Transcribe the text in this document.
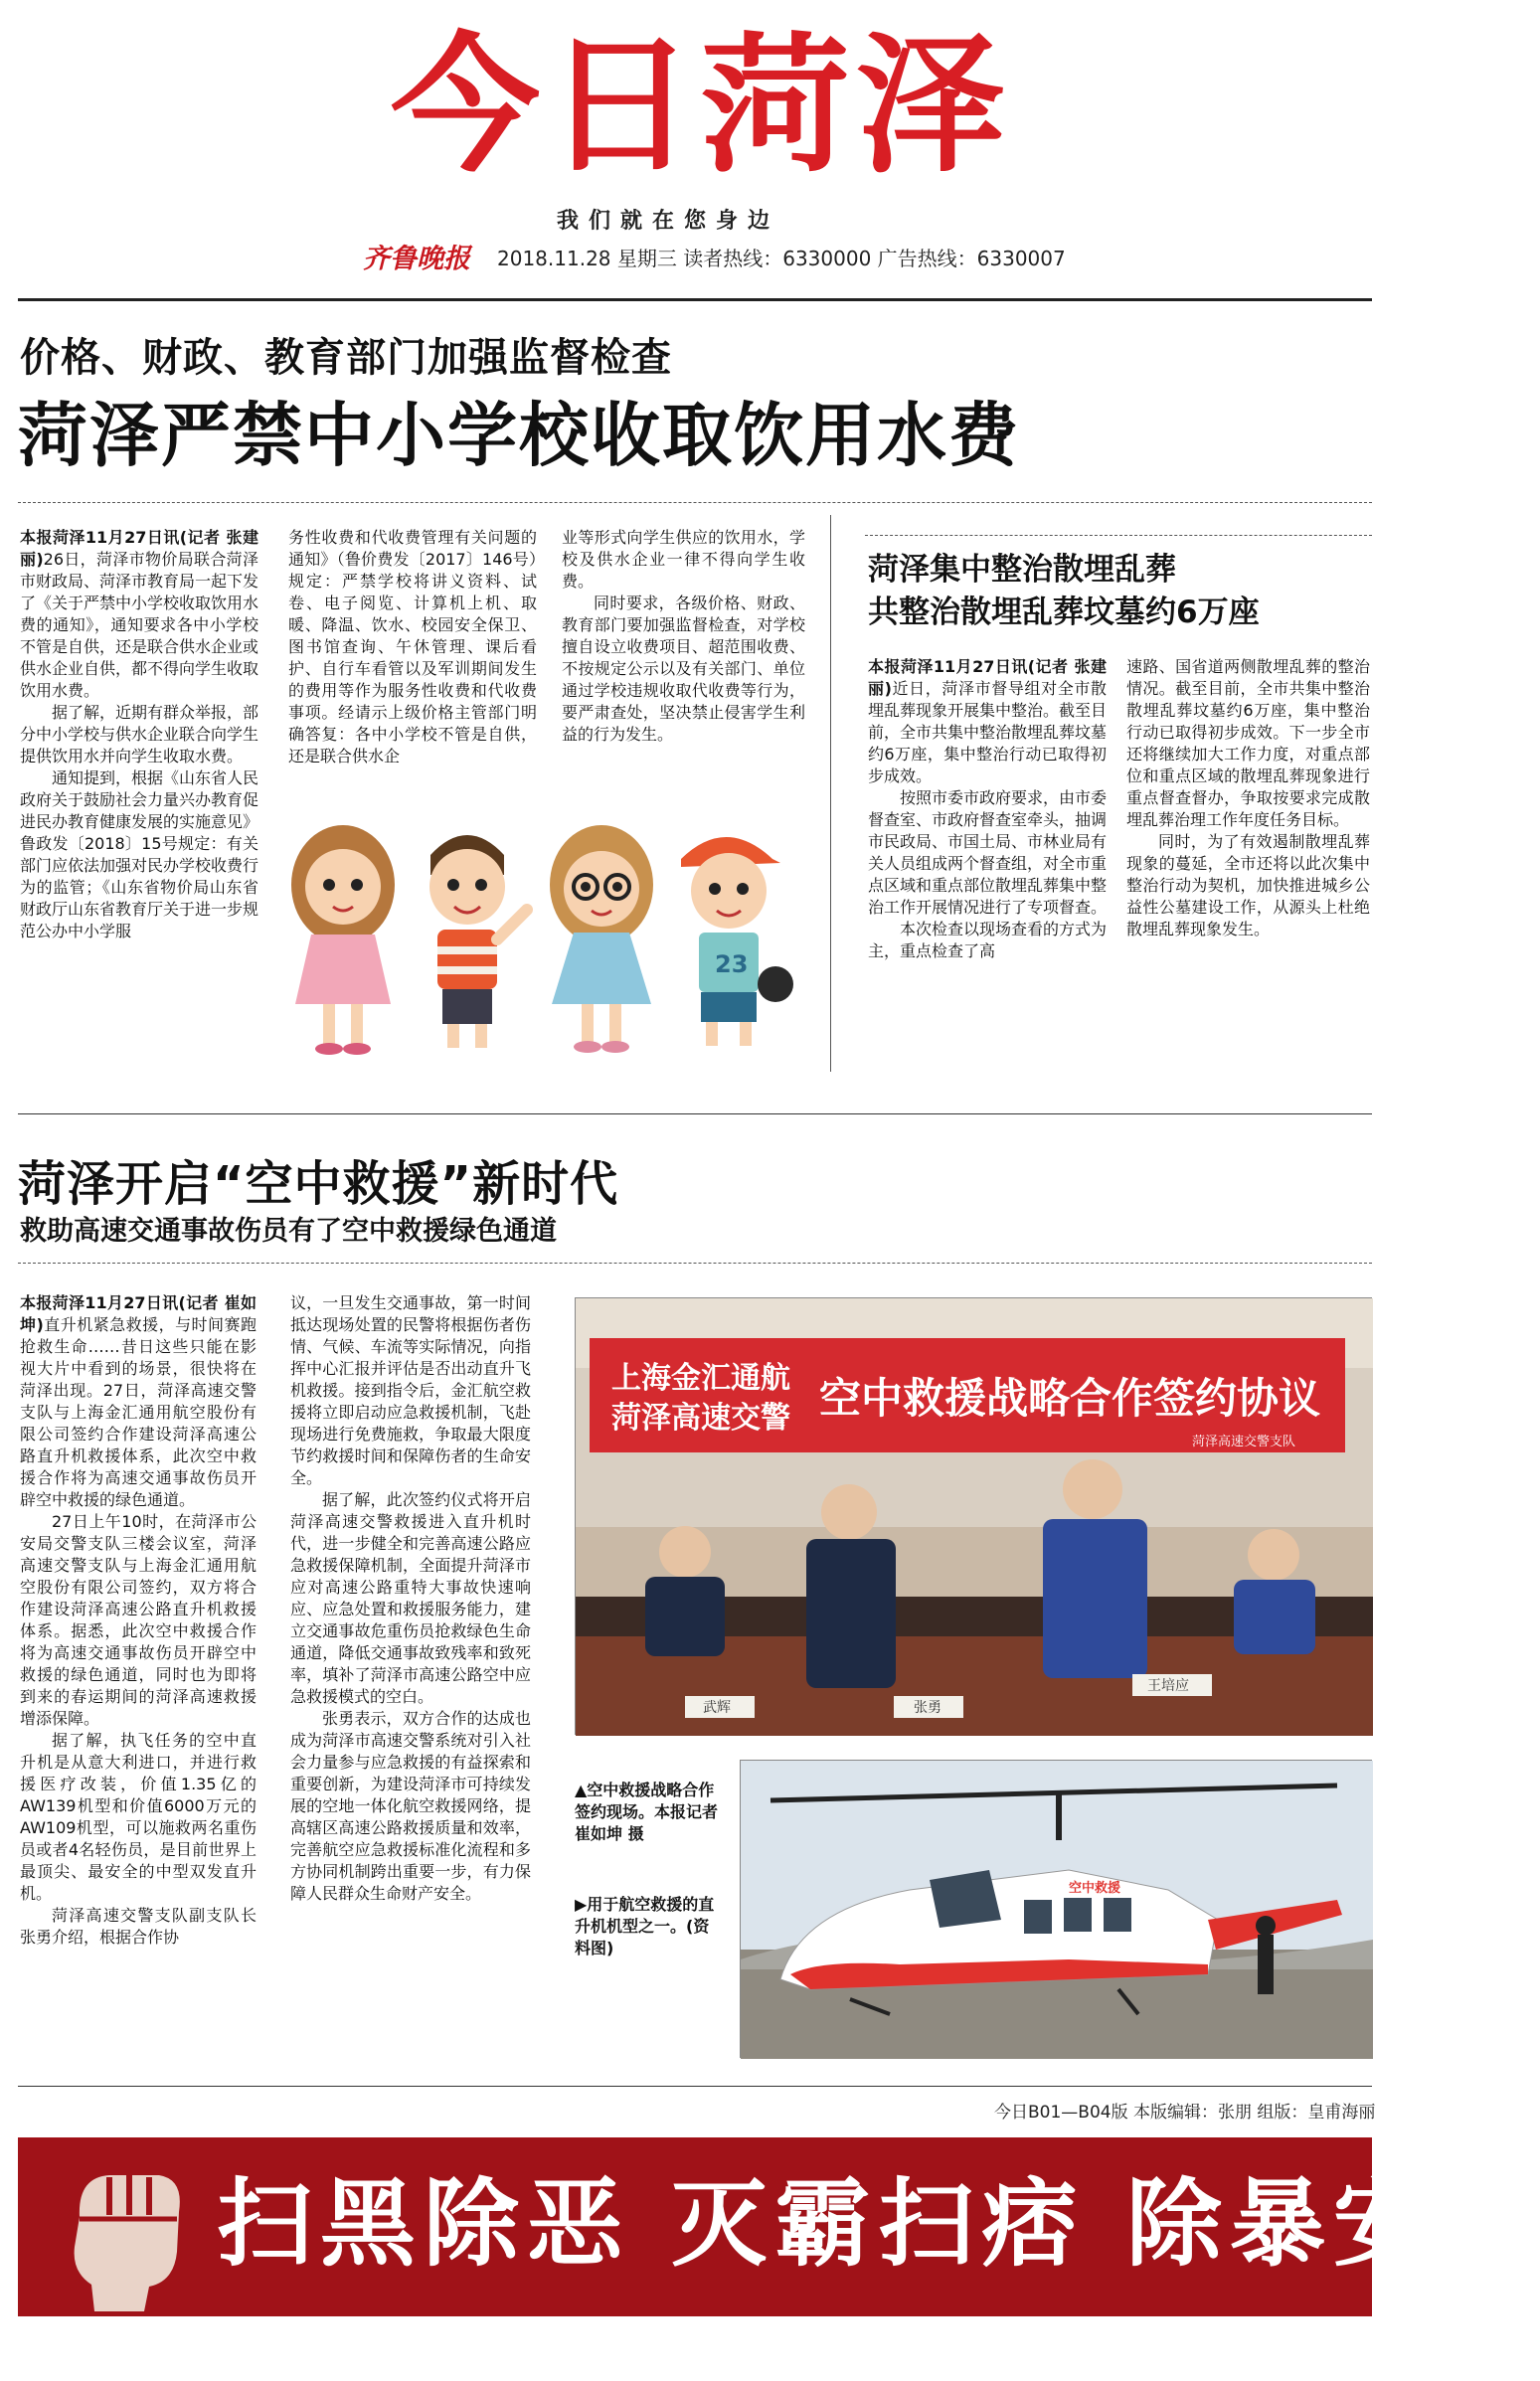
今日菏泽
我们就在您身边
齐鲁晚报 2018.11.28 星期三 读者热线：6330000 广告热线：6330007
价格、财政、教育部门加强监督检查
菏泽严禁中小学校收取饮用水费

本报菏泽11月27日讯(记者 张建丽)26日，菏泽市物价局联合菏泽市财政局、菏泽市教育局一起下发了《关于严禁中小学校收取饮用水费的通知》，通知要求各中小学校不管是自供，还是联合供水企业或供水企业自供，都不得向学生收取饮用水费。

据了解，近期有群众举报，部分中小学校与供水企业联合向学生提供饮用水并向学生收取水费。

通知提到，根据《山东省人民政府关于鼓励社会力量兴办教育促进民办教育健康发展的实施意见》鲁政发〔2018〕15号规定：有关部门应依法加强对民办学校收费行为的监管；《山东省物价局山东省财政厅山东省教育厅关于进一步规范公办中小学服

务性收费和代收费管理有关问题的通知》（鲁价费发〔2017〕146号）规定：严禁学校将讲义资料、试卷、电子阅览、计算机上机、取暖、降温、饮水、校园安全保卫、图书馆查询、午休管理、课后看护、自行车看管以及军训期间发生的费用等作为服务性收费和代收费事项。经请示上级价格主管部门明确答复：各中小学校不管是自供，还是联合供水企

业等形式向学生供应的饮用水，学校及供水企业一律不得向学生收费。

同时要求，各级价格、财政、教育部门要加强监督检查，对学校擅自设立收费项目、超范围收费、不按规定公示以及有关部门、单位通过学校违规收取代收费等行为，要严肃查处，坚决禁止侵害学生利益的行为发生。

23
菏泽集中整治散埋乱葬
共整治散埋乱葬坟墓约6万座

本报菏泽11月27日讯(记者 张建丽)近日，菏泽市督导组对全市散埋乱葬现象开展集中整治。截至目前，全市共集中整治散埋乱葬坟墓约6万座，集中整治行动已取得初步成效。

按照市委市政府要求，由市委督查室、市政府督查室牵头，抽调市民政局、市国土局、市林业局有关人员组成两个督查组，对全市重点区域和重点部位散埋乱葬集中整治工作开展情况进行了专项督查。

本次检查以现场查看的方式为主，重点检查了高

速路、国省道两侧散埋乱葬的整治情况。截至目前，全市共集中整治散埋乱葬坟墓约6万座，集中整治行动已取得初步成效。下一步全市还将继续加大工作力度，对重点部位和重点区域的散埋乱葬现象进行重点督查督办，争取按要求完成散埋乱葬治理工作年度任务目标。

同时，为了有效遏制散埋乱葬现象的蔓延，全市还将以此次集中整治行动为契机，加快推进城乡公益性公墓建设工作，从源头上杜绝散埋乱葬现象发生。

菏泽开启“空中救援”新时代
救助高速交通事故伤员有了空中救援绿色通道

本报菏泽11月27日讯(记者 崔如坤)直升机紧急救援，与时间赛跑抢救生命……昔日这些只能在影视大片中看到的场景，很快将在菏泽出现。27日，菏泽高速交警支队与上海金汇通用航空股份有限公司签约合作建设菏泽高速公路直升机救援体系，此次空中救援合作将为高速交通事故伤员开辟空中救援的绿色通道。

27日上午10时，在菏泽市公安局交警支队三楼会议室，菏泽高速交警支队与上海金汇通用航空股份有限公司签约，双方将合作建设菏泽高速公路直升机救援体系。据悉，此次空中救援合作将为高速交通事故伤员开辟空中救援的绿色通道，同时也为即将到来的春运期间的菏泽高速救援增添保障。

据了解，执飞任务的空中直升机是从意大利进口，并进行救援医疗改装，价值1.35亿的AW139机型和价值6000万元的AW109机型，可以施救两名重伤员或者4名轻伤员，是目前世界上最顶尖、最安全的中型双发直升机。

菏泽高速交警支队副支队长张勇介绍，根据合作协

议，一旦发生交通事故，第一时间抵达现场处置的民警将根据伤者伤情、气候、车流等实际情况，向指挥中心汇报并评估是否出动直升飞机救援。接到指令后，金汇航空救援将立即启动应急救援机制，飞赴现场进行免费施救，争取最大限度节约救援时间和保障伤者的生命安全。

据了解，此次签约仪式将开启菏泽高速交警救援进入直升机时代，进一步健全和完善高速公路应急救援保障机制，全面提升菏泽市应对高速公路重特大事故快速响应、应急处置和救援服务能力，建立交通事故危重伤员抢救绿色生命通道，降低交通事故致残率和致死率，填补了菏泽市高速公路空中应急救援模式的空白。

张勇表示，双方合作的达成也成为菏泽市高速交警系统对引入社会力量参与应急救援的有益探索和重要创新，为建设菏泽市可持续发展的空地一体化航空救援网络，提高辖区高速公路救援质量和效率，完善航空应急救援标准化流程和多方协同机制跨出重要一步，有力保障人民群众生命财产安全。

上海金汇通航
菏泽高速交警 空中救援战略合作签约协议
菏泽高速交警支队
武辉	张勇
王培应
▲空中救援战略合作签约现场。本报记者 崔如坤 摄
▶用于航空救援的直升机机型之一。(资料图)
空中救援
今日B01—B04版 本版编辑：张朋 组版：皇甫海丽
扫黑除恶 灭霸扫痞 除暴安良
